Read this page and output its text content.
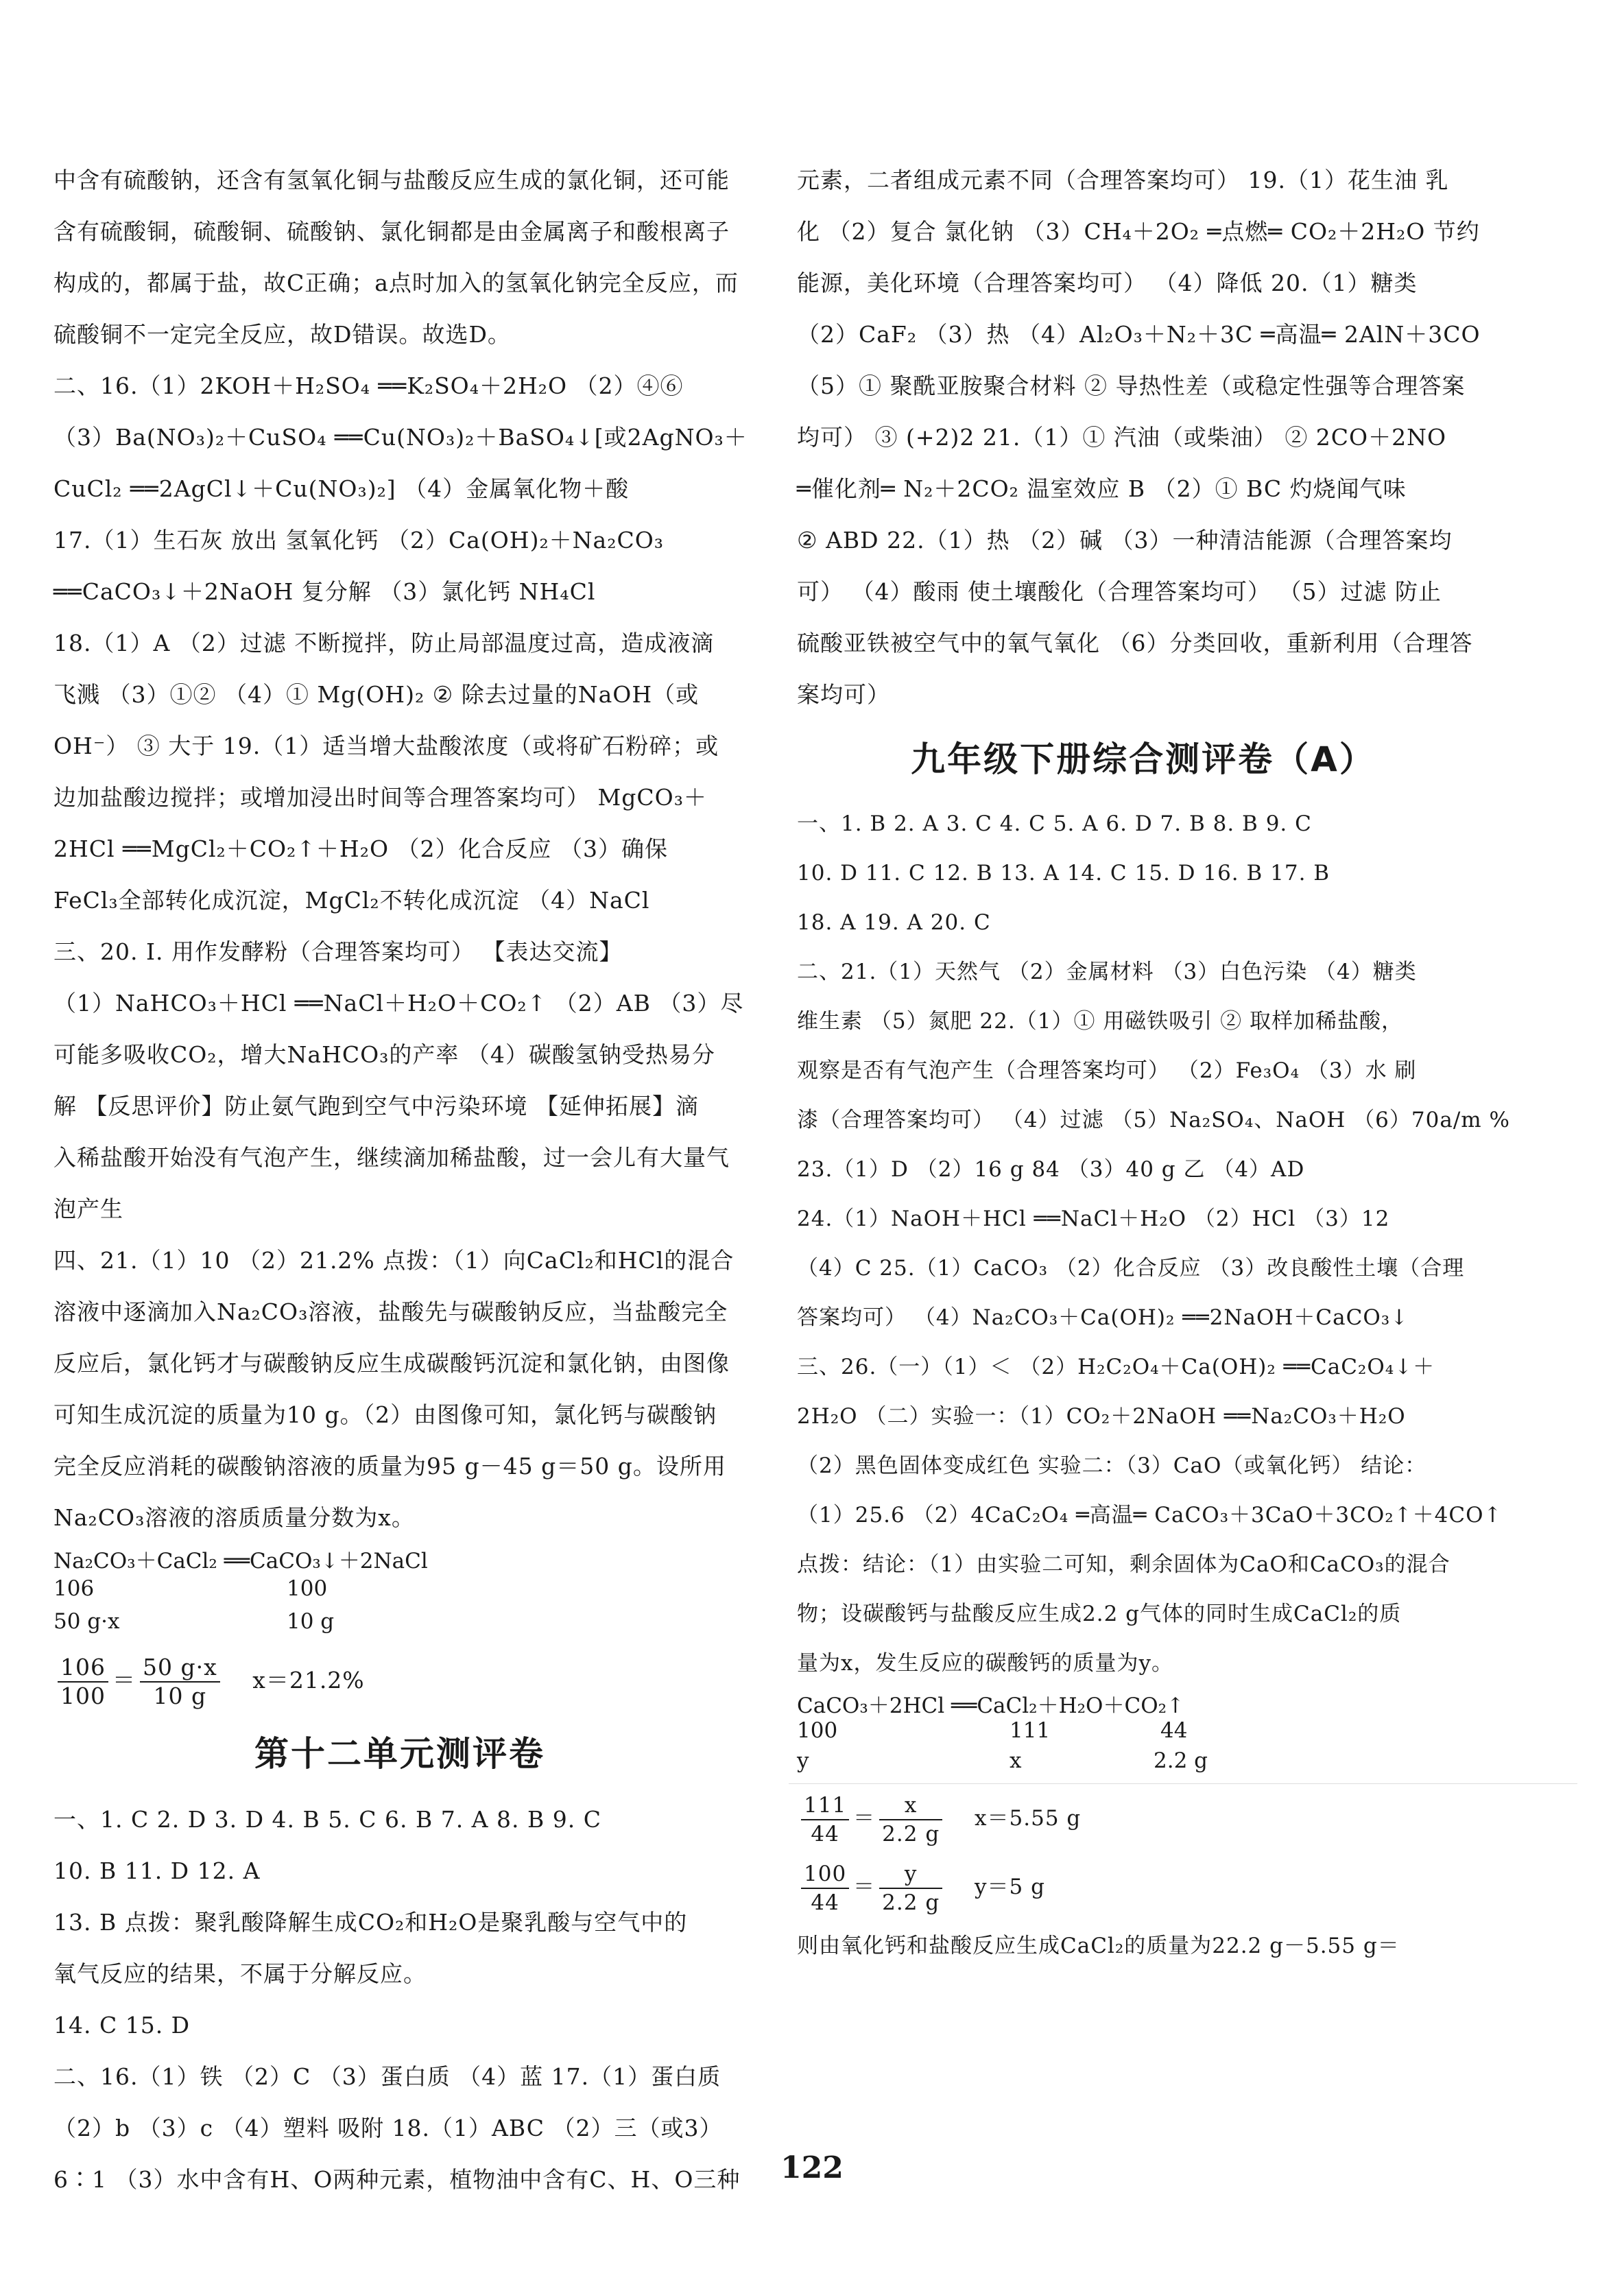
中含有硫酸钠，还含有氢氧化铜与盐酸反应生成的氯化铜，还可能
含有硫酸铜，硫酸铜、硫酸钠、氯化铜都是由金属离子和酸根离子
构成的，都属于盐，故C正确；a点时加入的氢氧化钠完全反应，而
硫酸铜不一定完全反应，故D错误。故选D。
二、16.（1）2KOH＋H₂SO₄ ══K₂SO₄＋2H₂O （2）④⑥
（3）Ba(NO₃)₂＋CuSO₄ ══Cu(NO₃)₂＋BaSO₄↓[或2AgNO₃＋
CuCl₂ ══2AgCl↓＋Cu(NO₃)₂] （4）金属氧化物＋酸
17.（1）生石灰 放出 氢氧化钙 （2）Ca(OH)₂＋Na₂CO₃
══CaCO₃↓＋2NaOH 复分解 （3）氯化钙 NH₄Cl
18.（1）A （2）过滤 不断搅拌，防止局部温度过高，造成液滴
飞溅 （3）①② （4）① Mg(OH)₂ ② 除去过量的NaOH（或
OH⁻） ③ 大于 19.（1）适当增大盐酸浓度（或将矿石粉碎；或
边加盐酸边搅拌；或增加浸出时间等合理答案均可） MgCO₃＋
2HCl ══MgCl₂＋CO₂↑＋H₂O （2）化合反应 （3）确保
FeCl₃全部转化成沉淀，MgCl₂不转化成沉淀 （4）NaCl
三、20. Ⅰ. 用作发酵粉（合理答案均可） 【表达交流】
（1）NaHCO₃＋HCl ══NaCl＋H₂O＋CO₂↑ （2）AB （3）尽
可能多吸收CO₂，增大NaHCO₃的产率 （4）碳酸氢钠受热易分
解 【反思评价】防止氨气跑到空气中污染环境 【延伸拓展】滴
入稀盐酸开始没有气泡产生，继续滴加稀盐酸，过一会儿有大量气
泡产生
四、21.（1）10 （2）21.2% 点拨：（1）向CaCl₂和HCl的混合
溶液中逐滴加入Na₂CO₃溶液，盐酸先与碳酸钠反应，当盐酸完全
反应后，氯化钙才与碳酸钠反应生成碳酸钙沉淀和氯化钠，由图像
可知生成沉淀的质量为10 g。（2）由图像可知，氯化钙与碳酸钠
完全反应消耗的碳酸钠溶液的质量为95 g－45 g＝50 g。设所用
Na₂CO₃溶液的溶质质量分数为x。
Na₂CO₃＋CaCl₂ ══CaCO₃↓＋2NaCl
106	100
50 g·x	10 g
$\frac{106}{100} = \frac{50 g\cdot x}{10 g} x=21.2\%$
第十二单元测评卷
一、1. C 2. D 3. D 4. B 5. C 6. B 7. A 8. B 9. C
10. B 11. D 12. A
13. B 点拨：聚乳酸降解生成CO₂和H₂O是聚乳酸与空气中的
氧气反应的结果，不属于分解反应。
14. C 15. D
二、16.（1）铁 （2）C （3）蛋白质 （4）蓝 17.（1）蛋白质
（2）b （3）c （4）塑料 吸附 18.（1）ABC （2）三（或3）
6∶1 （3）水中含有H、O两种元素，植物油中含有C、H、O三种
元素，二者组成元素不同（合理答案均可） 19.（1）花生油 乳
化 （2）复合 氯化钠 （3）CH₄＋2O₂ ═点燃═ CO₂＋2H₂O 节约
能源，美化环境（合理答案均可） （4）降低 20.（1）糖类
（2）CaF₂ （3）热 （4）Al₂O₃＋N₂＋3C ═高温═ 2AlN＋3CO
（5）① 聚酰亚胺聚合材料 ② 导热性差（或稳定性强等合理答案
均可） ③ (+2)2 21.（1）① 汽油（或柴油） ② 2CO＋2NO
═催化剂═ N₂＋2CO₂ 温室效应 B （2）① BC 灼烧闻气味
② ABD 22.（1）热 （2）碱 （3）一种清洁能源（合理答案均
可） （4）酸雨 使土壤酸化（合理答案均可） （5）过滤 防止
硫酸亚铁被空气中的氧气氧化 （6）分类回收，重新利用（合理答
案均可）
九年级下册综合测评卷（A）
一、1. B 2. A 3. C 4. C 5. A 6. D 7. B 8. B 9. C
10. D 11. C 12. B 13. A 14. C 15. D 16. B 17. B
18. A 19. A 20. C
二、21.（1）天然气 （2）金属材料 （3）白色污染 （4）糖类
维生素 （5）氮肥 22.（1）① 用磁铁吸引 ② 取样加稀盐酸，
观察是否有气泡产生（合理答案均可） （2）Fe₃O₄ （3）水 刷
漆（合理答案均可） （4）过滤 （5）Na₂SO₄、NaOH （6）70a/m %
23.（1）D （2）16 g 84 （3）40 g 乙 （4）AD
24.（1）NaOH＋HCl ══NaCl＋H₂O （2）HCl （3）12
（4）C 25.（1）CaCO₃ （2）化合反应 （3）改良酸性土壤（合理
答案均可） （4）Na₂CO₃＋Ca(OH)₂ ══2NaOH＋CaCO₃↓
三、26.（一）（1）＜ （2）H₂C₂O₄＋Ca(OH)₂ ══CaC₂O₄↓＋
2H₂O （二）实验一：（1）CO₂＋2NaOH ══Na₂CO₃＋H₂O
（2）黑色固体变成红色 实验二：（3）CaO（或氧化钙） 结论：
（1）25.6 （2）4CaC₂O₄ ═高温═ CaCO₃＋3CaO＋3CO₂↑＋4CO↑
点拨：结论：（1）由实验二可知，剩余固体为CaO和CaCO₃的混合
物；设碳酸钙与盐酸反应生成2.2 g气体的同时生成CaCl₂的质
量为x，发生反应的碳酸钙的质量为y。
CaCO₃＋2HCl ══CaCl₂＋H₂O＋CO₂↑
100	111	44
y	x	2.2 g
$\frac{111}{44} = \frac{x}{2.2 g} x=5.55$ g
$\frac{100}{44} = \frac{y}{2.2 g} y=5$ g
则由氧化钙和盐酸反应生成CaCl₂的质量为22.2 g－5.55 g＝
122
